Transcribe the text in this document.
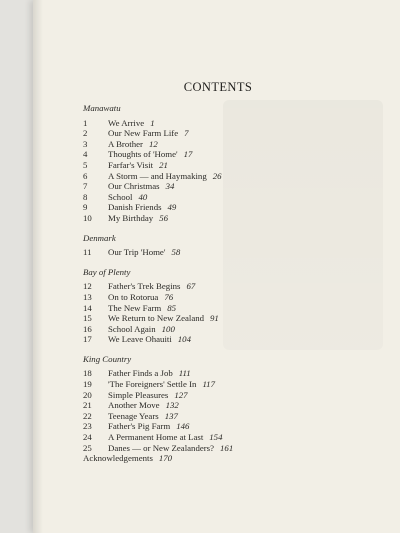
CONTENTS
Manawatu
1	We Arrive 1
2	Our New Farm Life 7
3	A Brother 12
4	Thoughts of 'Home' 17
5	Farfar's Visit 21
6	A Storm — and Haymaking 26
7	Our Christmas 34
8	School 40
9	Danish Friends 49
10	My Birthday 56
Denmark
11	Our Trip 'Home' 58
Bay of Plenty
12	Father's Trek Begins 67
13	On to Rotorua 76
14	The New Farm 85
15	We Return to New Zealand 91
16	School Again 100
17	We Leave Ohauiti 104
King Country
18	Father Finds a Job 111
19	'The Foreigners' Settle In 117
20	Simple Pleasures 127
21	Another Move 132
22	Teenage Years 137
23	Father's Pig Farm 146
24	A Permanent Home at Last 154
25	Danes — or New Zealanders? 161
Acknowledgements 170
